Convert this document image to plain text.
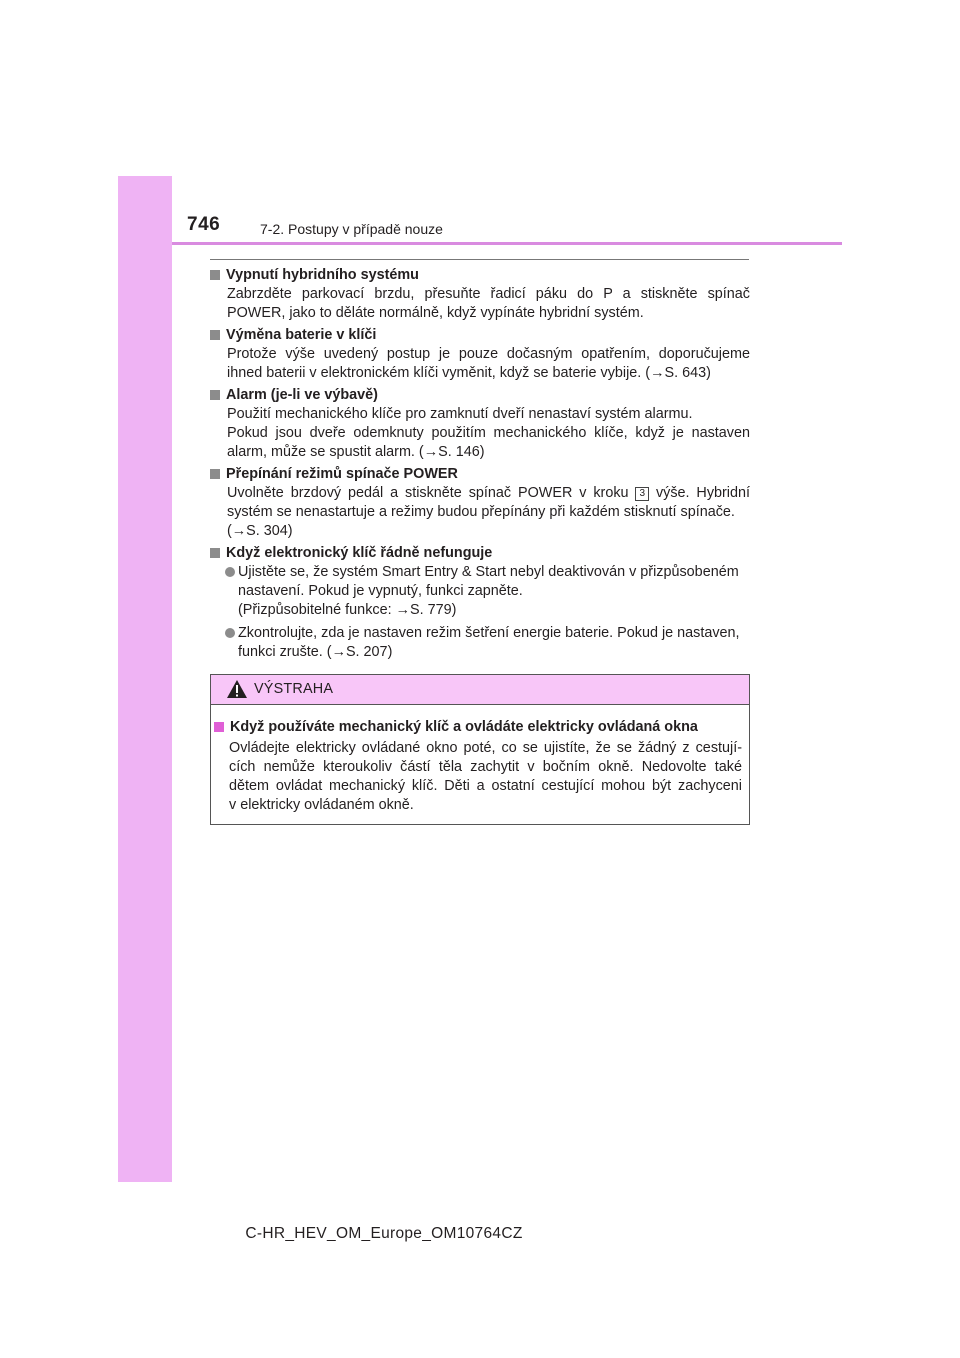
746	7-2. Postupy v případě nouze
Vypnutí hybridního systému
Zabrzděte parkovací brzdu, přesuňte řadicí páku do P a stiskněte spínač
POWER, jako to děláte normálně, když vypínáte hybridní systém.
Výměna baterie v klíči
Protože výše uvedený postup je pouze dočasným opatřením, doporučujeme
ihned baterii v elektronickém klíči vyměnit, když se baterie vybije. (→S. 643)
Alarm (je-li ve výbavě)
Použití mechanického klíče pro zamknutí dveří nenastaví systém alarmu.
Pokud jsou dveře odemknuty použitím mechanického klíče, když je nastaven
alarm, může se spustit alarm. (→S. 146)
Přepínání režimů spínače POWER
Uvolněte brzdový pedál a stiskněte spínač POWER v kroku 3 výše. Hybridní
systém se nenastartuje a režimy budou přepínány při každém stisknutí spínače.
(→S. 304)
Když elektronický klíč řádně nefunguje
Ujistěte se, že systém Smart Entry & Start nebyl deaktivován v přizpůsobeném
nastavení. Pokud je vypnutý, funkci zapněte.
(Přizpůsobitelné funkce: →S. 779)
Zkontrolujte, zda je nastaven režim šetření energie baterie. Pokud je nastaven,
funkci zrušte. (→S. 207)
VÝSTRAHA
Když používáte mechanický klíč a ovládáte elektricky ovládaná okna
Ovládejte elektricky ovládané okno poté, co se ujistíte, že se žádný z cestují-
cích nemůže kteroukoliv částí těla zachytit v bočním okně. Nedovolte také
dětem ovládat mechanický klíč. Děti a ostatní cestující mohou být zachyceni
v elektricky ovládaném okně.
C-HR_HEV_OM_Europe_OM10764CZ
